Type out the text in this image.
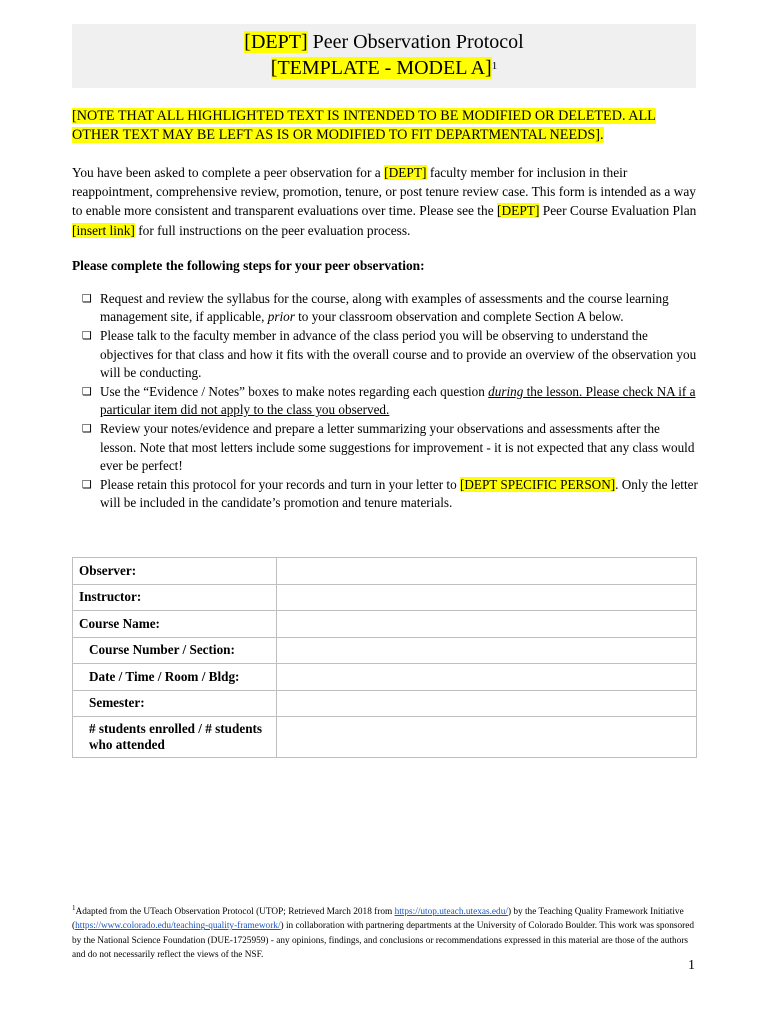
[DEPT] Peer Observation Protocol
[TEMPLATE - MODEL A]$^1$
[NOTE THAT ALL HIGHLIGHTED TEXT IS INTENDED TO BE MODIFIED OR DELETED. ALL OTHER TEXT MAY BE LEFT AS IS OR MODIFIED TO FIT DEPARTMENTAL NEEDS].
You have been asked to complete a peer observation for a [DEPT] faculty member for inclusion in their reappointment, comprehensive review, promotion, tenure, or post tenure review case. This form is intended as a way to enable more consistent and transparent evaluations over time. Please see the [DEPT] Peer Course Evaluation Plan [insert link] for full instructions on the peer evaluation process.
Please complete the following steps for your peer observation:
❑ Request and review the syllabus for the course, along with examples of assessments and the course learning management site, if applicable, prior to your classroom observation and complete Section A below.
❑ Please talk to the faculty member in advance of the class period you will be observing to understand the objectives for that class and how it fits with the overall course and to provide an overview of the observation you will be conducting.
❑ Use the “Evidence / Notes” boxes to make notes regarding each question during the lesson. Please check NA if a particular item did not apply to the class you observed.
❑ Review your notes/evidence and prepare a letter summarizing your observations and assessments after the lesson. Note that most letters include some suggestions for improvement - it is not expected that any class would ever be perfect!
❑ Please retain this protocol for your records and turn in your letter to [DEPT SPECIFIC PERSON]. Only the letter will be included in the candidate’s promotion and tenure materials.
Observer:	
Instructor:	
Course Name:	
Course Number / Section:	
Date / Time / Room / Bldg:	
Semester:	
# students enrolled / # students who attended	
$^1$Adapted from the UTeach Observation Protocol (UTOP; Retrieved March 2018 from https://utop.uteach.utexas.edu/) by the Teaching Quality Framework Initiative (https://www.colorado.edu/teaching-quality-framework/) in collaboration with partnering departments at the University of Colorado Boulder. This work was sponsored by the National Science Foundation (DUE-1725959) - any opinions, findings, and conclusions or recommendations expressed in this material are those of the authors and do not necessarily reflect the views of the NSF.
1
